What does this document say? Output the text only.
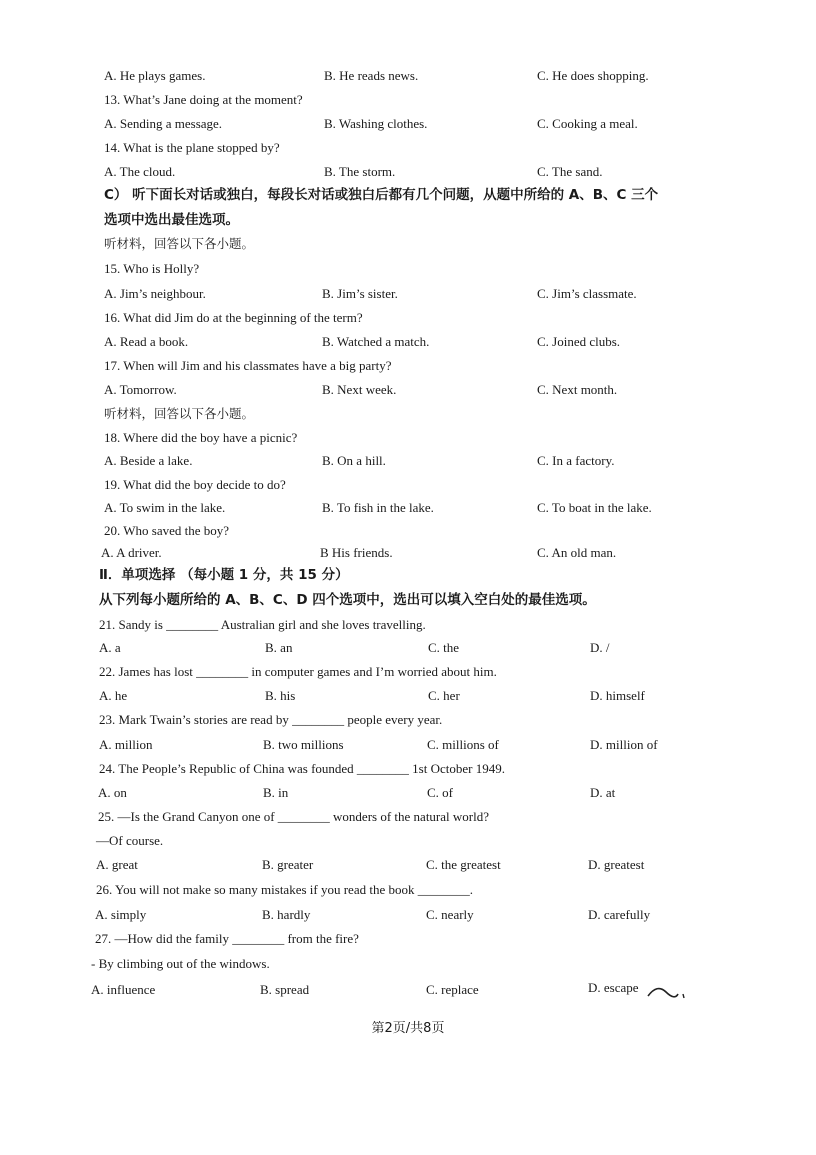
A. He plays games.	B. He reads news.	C. He does shopping.
13. What’s Jane doing at the moment?
A. Sending a message.	B. Washing clothes.	C. Cooking a meal.
14. What is the plane stopped by?
A. The cloud.	B. The storm.	C. The sand.
C） 听下面长对话或独白，每段长对话或独白后都有几个问题，从题中所给的 A、B、C 三个
选项中选出最佳选项。
听材料，回答以下各小题。
15. Who is Holly?
A. Jim’s neighbour.	B. Jim’s sister.	C. Jim’s classmate.
16. What did Jim do at the beginning of the term?
A. Read a book.	B. Watched a match.	C. Joined clubs.
17. When will Jim and his classmates have a big party?
A. Tomorrow.	B. Next week.	C. Next month.
听材料，回答以下各小题。
18. Where did the boy have a picnic?
A. Beside a lake.	B. On a hill.	C. In a factory.
19. What did the boy decide to do?
A. To swim in the lake.	B. To fish in the lake.	C. To boat in the lake.
20. Who saved the boy?
A. A driver.	B His friends.	C. An old man.
Ⅱ．单项选择 （每小题 1 分，共 15 分）
从下列每小题所给的 A、B、C、D 四个选项中，选出可以填入空白处的最佳选项。
21. Sandy is ________ Australian girl and she loves travelling.
A. a	B. an	C. the	D. /
22. James has lost ________ in computer games and I’m worried about him.
A. he	B. his	C. her	D. himself
23. Mark Twain’s stories are read by ________ people every year.
A. million	B. two millions	C. millions of	D. million of
24. The People’s Republic of China was founded ________ 1st October 1949.
A. on	B. in	C. of	D. at
25. —Is the Grand Canyon one of ________ wonders of the natural world?
—Of course.
A. great	B. greater	C. the greatest	D. greatest
26. You will not make so many mistakes if you read the book ________.
A. simply	B. hardly	C. nearly	D. carefully
27. —How did the family ________ from the fire?
- By climbing out of the windows.
A. influence	B. spread	C. replace	D. escape
第2页/共8页
